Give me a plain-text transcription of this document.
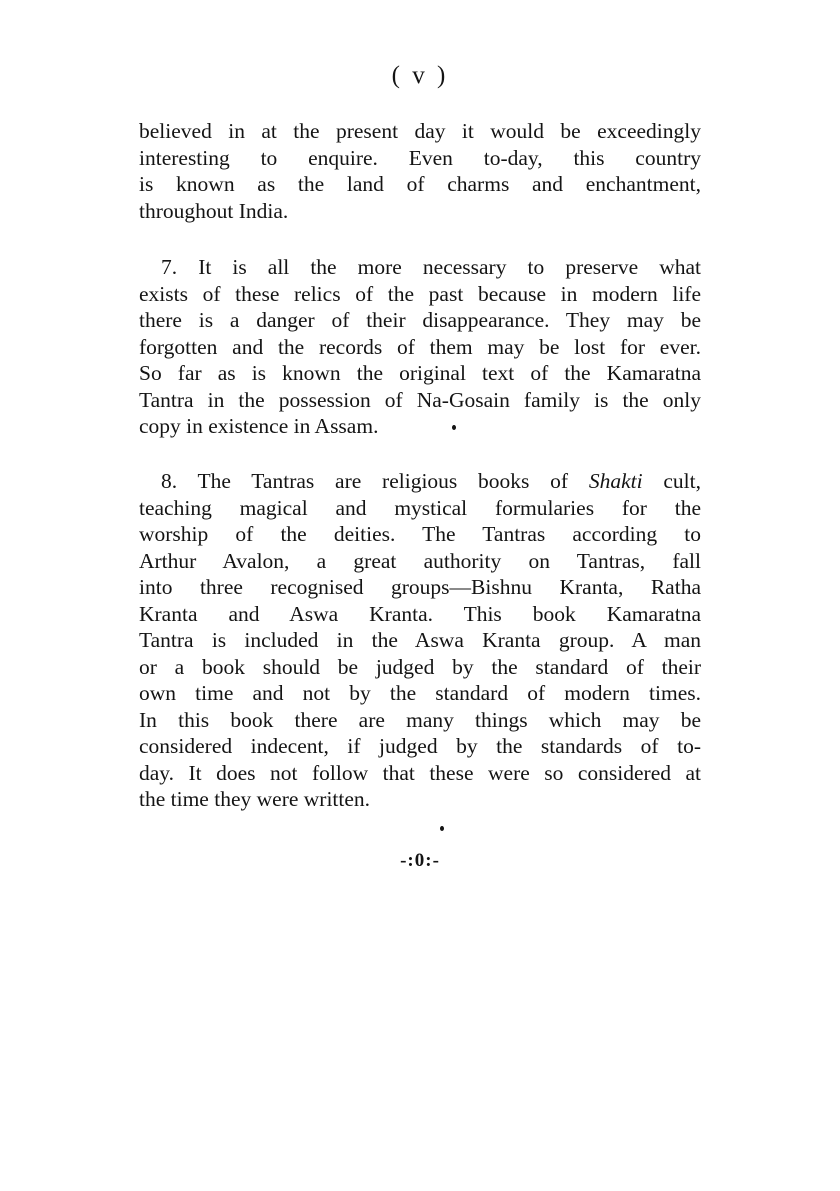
( v )
believed in at the present day it would be exceedingly
interesting to enquire. Even to-day, this country
is known as the land of charms and enchantment,
throughout India.
7. It is all the more necessary to preserve what
exists of these relics of the past because in modern life
there is a danger of their disappearance. They may be
forgotten and the records of them may be lost for ever.
So far as is known the original text of the Kamaratna
Tantra in the possession of Na-Gosain family is the only
copy in existence in Assam.
8. The Tantras are religious books of Shakti cult,
teaching magical and mystical formularies for the
worship of the deities. The Tantras according to
Arthur Avalon, a great authority on Tantras, fall
into three recognised groups—Bishnu Kranta, Ratha
Kranta and Aswa Kranta. This book Kamaratna
Tantra is included in the Aswa Kranta group. A man
or a book should be judged by the standard of their
own time and not by the standard of modern times.
In this book there are many things which may be
considered indecent, if judged by the standards of to-
day. It does not follow that these were so considered at
the time they were written.
-:0:-
